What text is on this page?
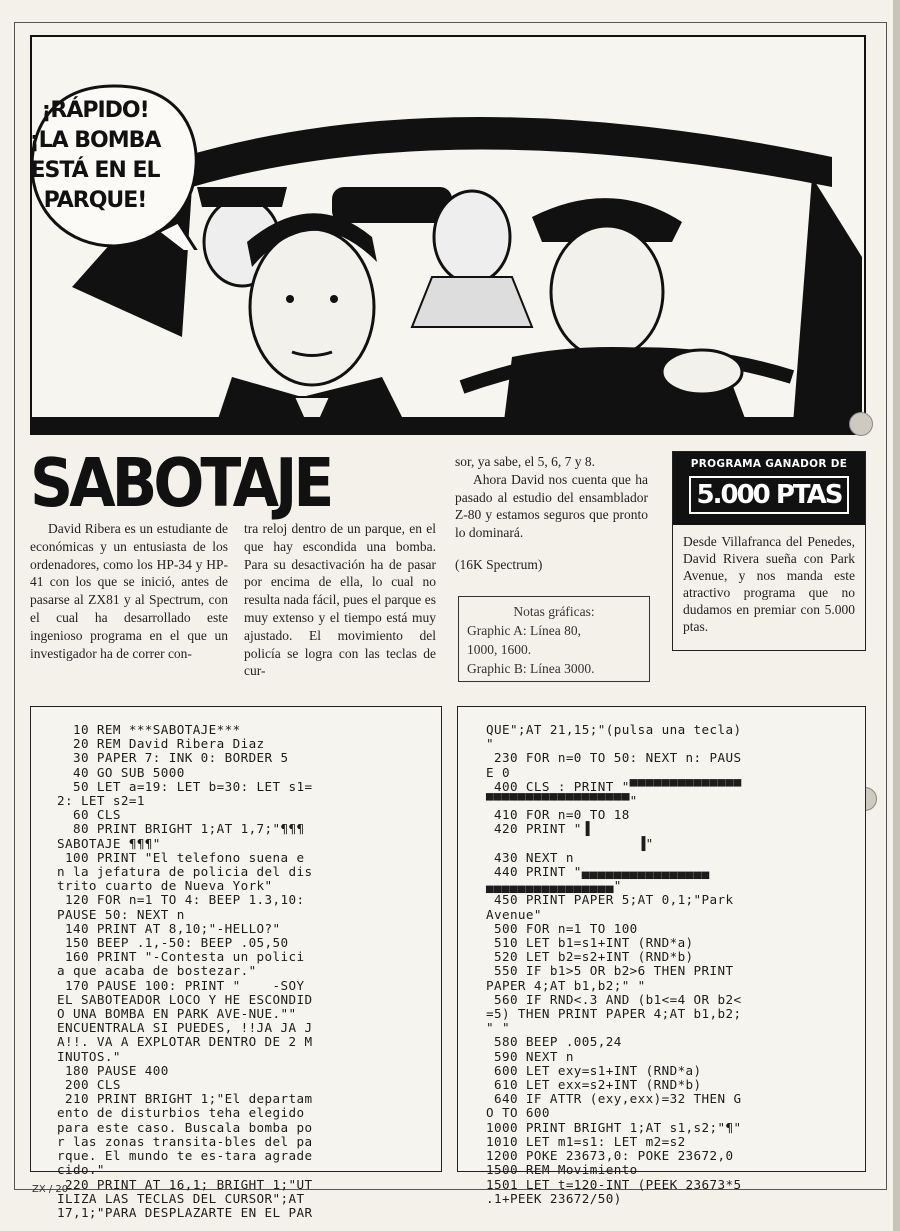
¡RÁPIDO!
¡LA BOMBA
ESTÁ EN EL
PARQUE!
SABOTAJE
David Ribera es un estudiante de económicas y un entusiasta de los ordenadores, como los HP-34 y HP-41 con los que se inició, antes de pasarse al ZX81 y al Spectrum, con el cual ha desarrollado este ingenioso programa en el que un investigador ha de correr con-
tra reloj dentro de un parque, en el que hay escondida una bomba. Para su desactivación ha de pasar por encima de ella, lo cual no resulta nada fácil, pues el parque es muy extenso y el tiempo está muy ajustado. El movimiento del policía se logra con las teclas de cur-

sor, ya sabe, el 5, 6, 7 y 8.

Ahora David nos cuenta que ha pasado al estudio del ensamblador Z-80 y estamos seguros que pronto lo dominará.

(16K Spectrum)

Notas gráficas:
Graphic A: Línea 80,
1000, 1600.
Graphic B: Línea 3000.
PROGRAMA GANADOR DE
5.000 PTAS
Desde Villafranca del Penedes, David Rivera sueña con Park Avenue, y nos manda este atractivo programa que no dudamos en premiar con 5.000 ptas.
10 REM ***SABOTAJE***
20 REM David Ribera Diaz
30 PAPER 7: INK 0: BORDER 5
40 GO SUB 5000
50 LET a=19: LET b=30: LET s1=
2: LET s2=1
60 CLS
80 PRINT BRIGHT 1;AT 1,7;"¶¶¶
SABOTAJE ¶¶¶"
100 PRINT "El telefono suena e
n la jefatura de policia del dis
trito cuarto de Nueva York"
120 FOR n=1 TO 4: BEEP 1.3,10:
PAUSE 50: NEXT n
140 PRINT AT 8,10;"-HELLO?"
150 BEEP .1,-50: BEEP .05,50
160 PRINT "-Contesta un polici
a que acaba de bostezar."
170 PAUSE 100: PRINT "    -SOY
EL SABOTEADOR LOCO Y HE ESCONDID
O UNA BOMBA EN PARK AVE-NUE.""
ENCUENTRALA SI PUEDES, !!JA JA J
A!!. VA A EXPLOTAR DENTRO DE 2 M
INUTOS."
180 PAUSE 400
200 CLS
210 PRINT BRIGHT 1;"El departam
ento de disturbios teha elegido
para este caso. Buscala bomba po
r las zonas transita-bles del pa
rque. El mundo te es-tara agrade
cido."
220 PRINT AT 16,1; BRIGHT 1;"UT
ILIZA LAS TECLAS DEL CURSOR";AT
17,1;"PARA DESPLAZARTE EN EL PAR
QUE";AT 21,15;"(pulsa una tecla)
"
230 FOR n=0 TO 50: NEXT n: PAUS
E 0
400 CLS : PRINT "▀▀▀▀▀▀▀▀▀▀▀▀▀▀
▀▀▀▀▀▀▀▀▀▀▀▀▀▀▀▀▀▀"
410 FOR n=0 TO 18
420 PRINT "▐
▐"
430 NEXT n
440 PRINT "▄▄▄▄▄▄▄▄▄▄▄▄▄▄▄▄
▄▄▄▄▄▄▄▄▄▄▄▄▄▄▄▄"
450 PRINT PAPER 5;AT 0,1;"Park
Avenue"
500 FOR n=1 TO 100
510 LET b1=s1+INT (RND*a)
520 LET b2=s2+INT (RND*b)
550 IF b1>5 OR b2>6 THEN PRINT
PAPER 4;AT b1,b2;" "
560 IF RND<.3 AND (b1<=4 OR b2<
=5) THEN PRINT PAPER 4;AT b1,b2;
" "
580 BEEP .005,24
590 NEXT n
600 LET exy=s1+INT (RND*a)
610 LET exx=s2+INT (RND*b)
640 IF ATTR (exy,exx)=32 THEN G
O TO 600
1000 PRINT BRIGHT 1;AT s1,s2;"¶"
1010 LET m1=s1: LET m2=s2
1200 POKE 23673,0: POKE 23672,0
1500 REM Movimiento
1501 LET t=120-INT (PEEK 23673*5
.1+PEEK 23672/50)
ZX / 20
